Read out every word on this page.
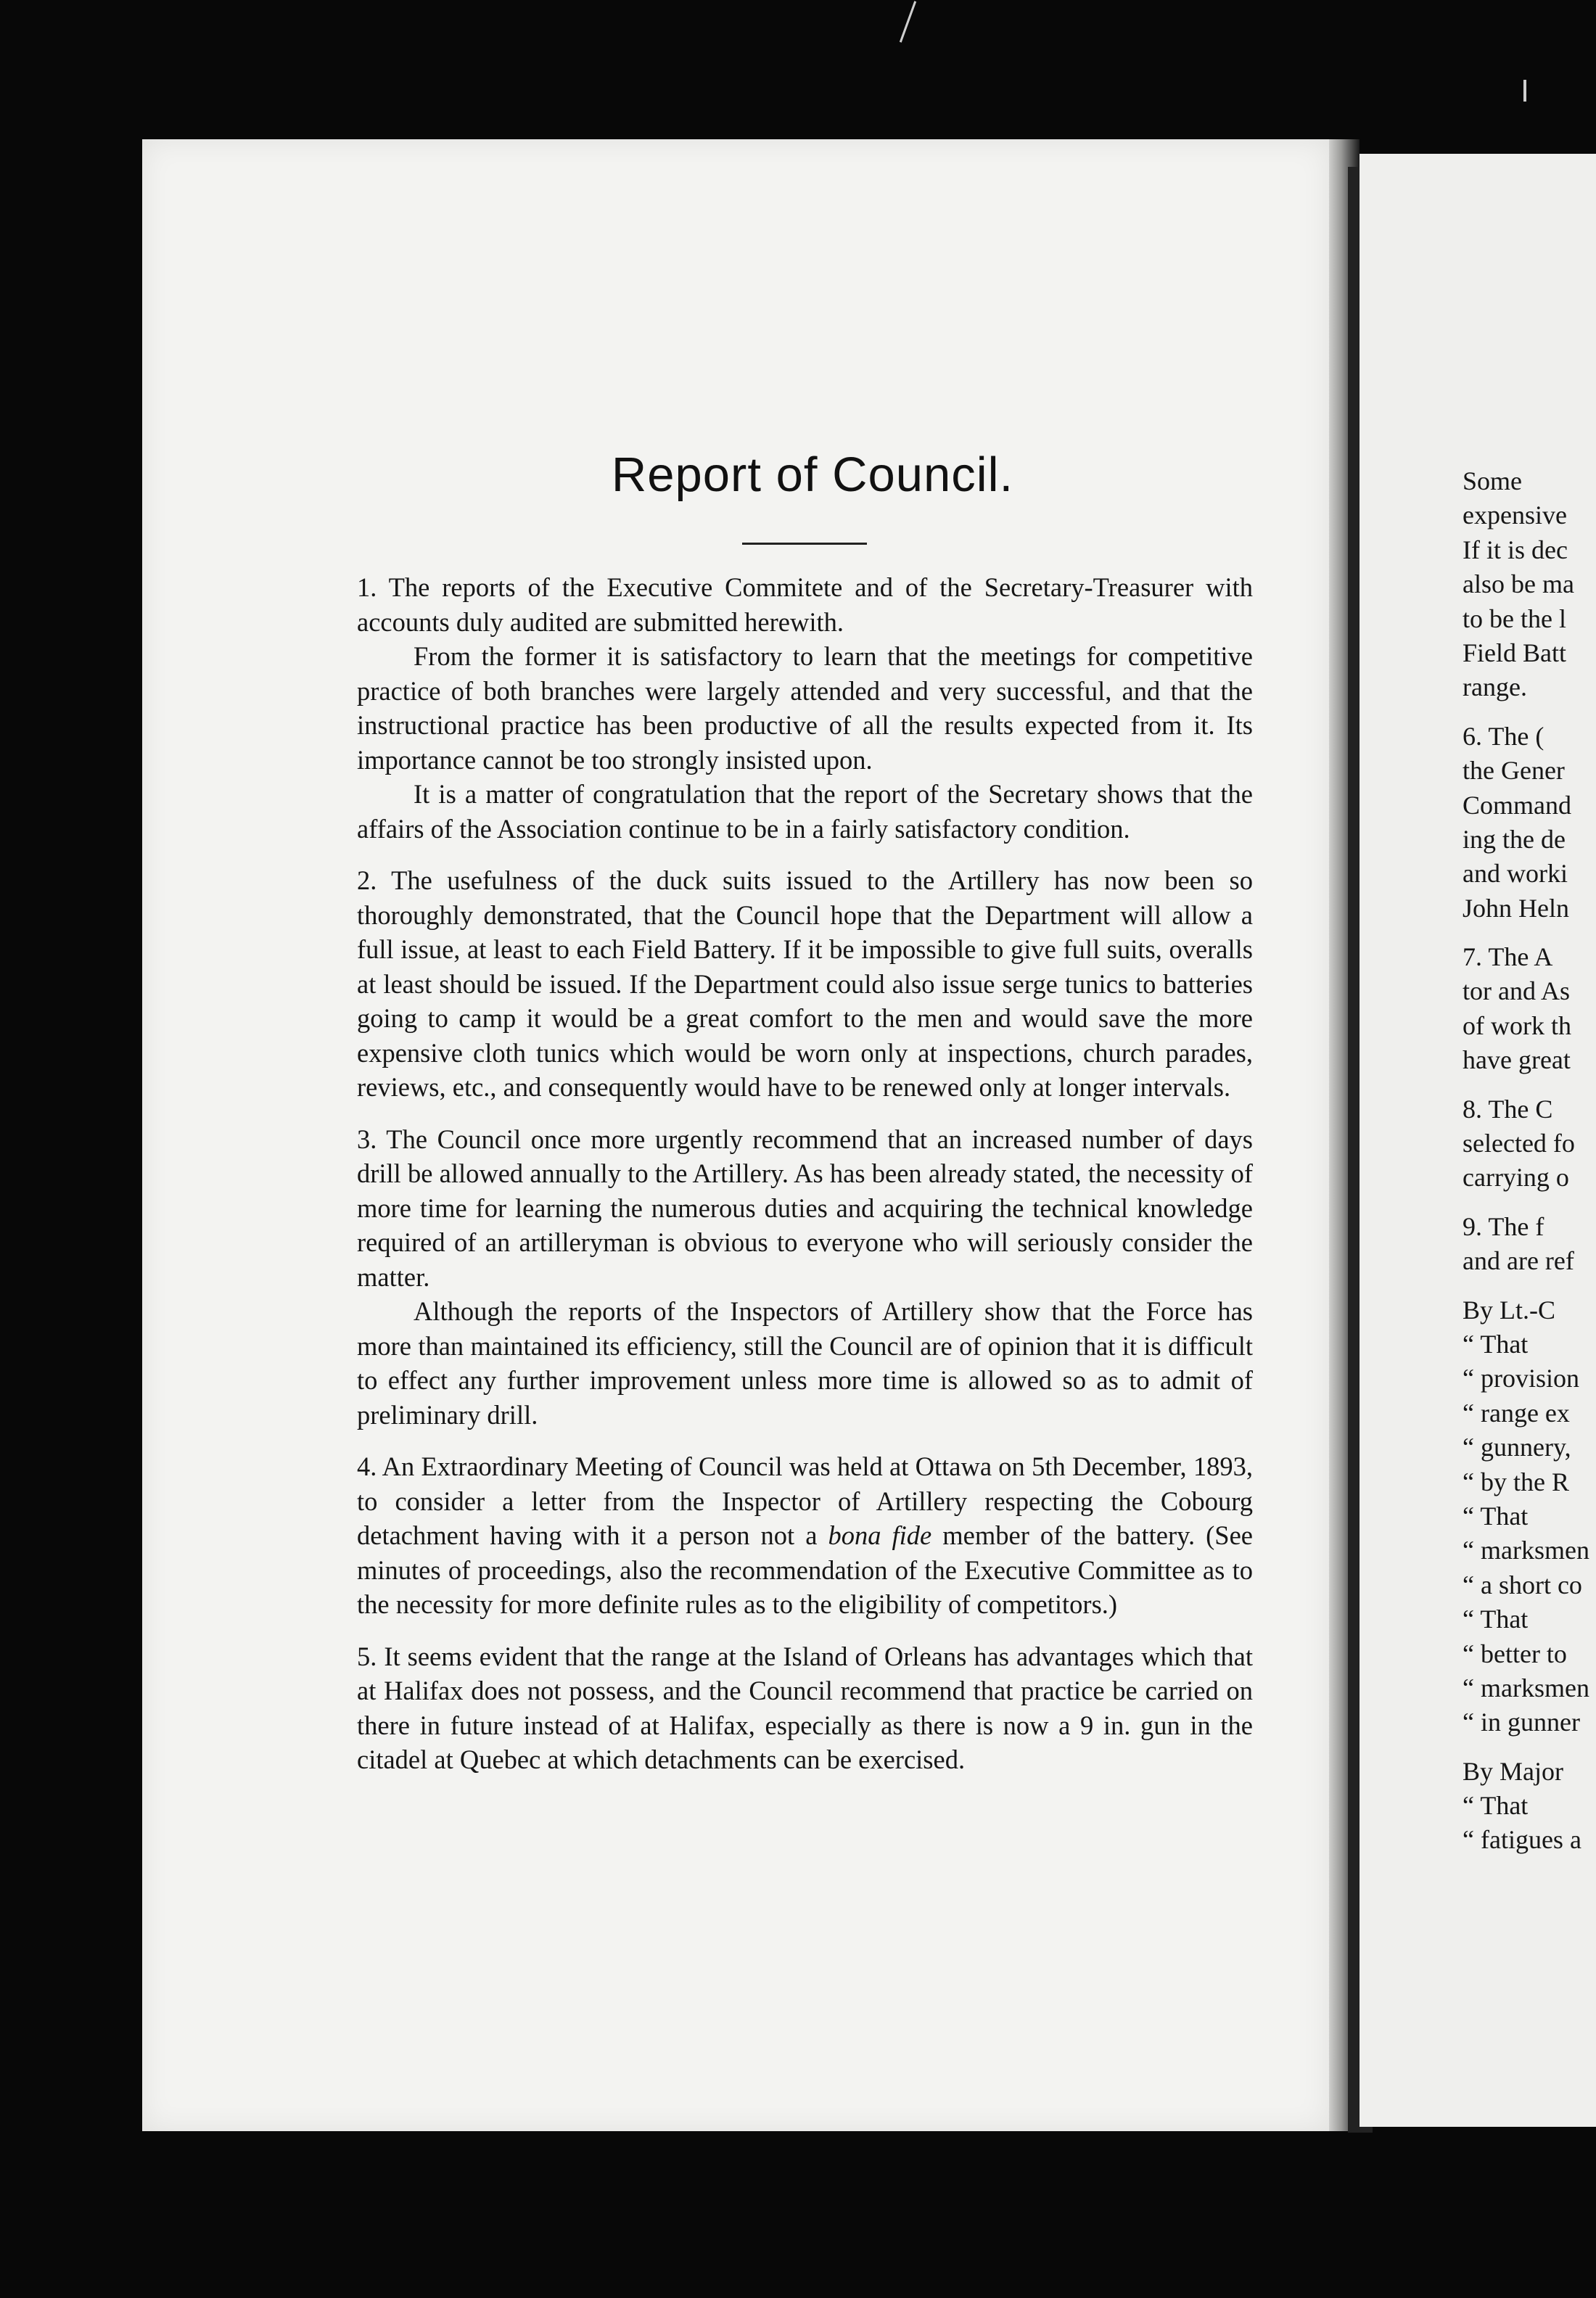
Report of Council.

1. The reports of the Executive Commitete and of the Secretary-Treasurer with accounts duly audited are submitted herewith.

From the former it is satisfactory to learn that the meetings for competitive practice of both branches were largely attended and very successful, and that the instructional practice has been productive of all the results expected from it. Its importance cannot be too strongly insisted upon.

It is a matter of congratulation that the report of the Secretary shows that the affairs of the Association continue to be in a fairly satisfactory condition.

2. The usefulness of the duck suits issued to the Artillery has now been so thoroughly demonstrated, that the Council hope that the Department will allow a full issue, at least to each Field Battery. If it be impossible to give full suits, overalls at least should be issued. If the Department could also issue serge tunics to batteries going to camp it would be a great comfort to the men and would save the more expensive cloth tunics which would be worn only at inspections, church parades, reviews, etc., and consequently would have to be renewed only at longer intervals.

3. The Council once more urgently recommend that an increased number of days drill be allowed annually to the Artillery. As has been already stated, the necessity of more time for learning the numerous duties and acquiring the technical knowledge required of an artilleryman is obvious to everyone who will seriously consider the matter.

Although the reports of the Inspectors of Artillery show that the Force has more than maintained its efficiency, still the Council are of opinion that it is difficult to effect any further improvement unless more time is allowed so as to admit of preliminary drill.

4. An Extraordinary Meeting of Council was held at Ottawa on 5th December, 1893, to consider a letter from the Inspector of Artillery respecting the Cobourg detachment having with it a person not a bona fide member of the battery. (See minutes of proceedings, also the recommendation of the Executive Committee as to the necessity for more definite rules as to the eligibility of competitors.)

5. It seems evident that the range at the Island of Orleans has advantages which that at Halifax does not possess, and the Council recommend that practice be carried on there in future instead of at Halifax, especially as there is now a 9 in. gun in the citadel at Quebec at which detachments can be exercised.

Some
expensive
If it is dec
also be ma
to be the l
Field Batt
range.
6. The (
the Gener
Command
ing the de
and worki
John Heln
7. The A
tor and As
of work th
have great
8. The C
selected fo
carrying o
9. The f
and are ref
By Lt.-C
“ That
“ provision
“ range ex
“ gunnery,
“ by the R
“ That
“ marksmen
“ a short co
“ That
“ better to
“ marksmen
“ in gunner
By Major
“ That
“ fatigues a
